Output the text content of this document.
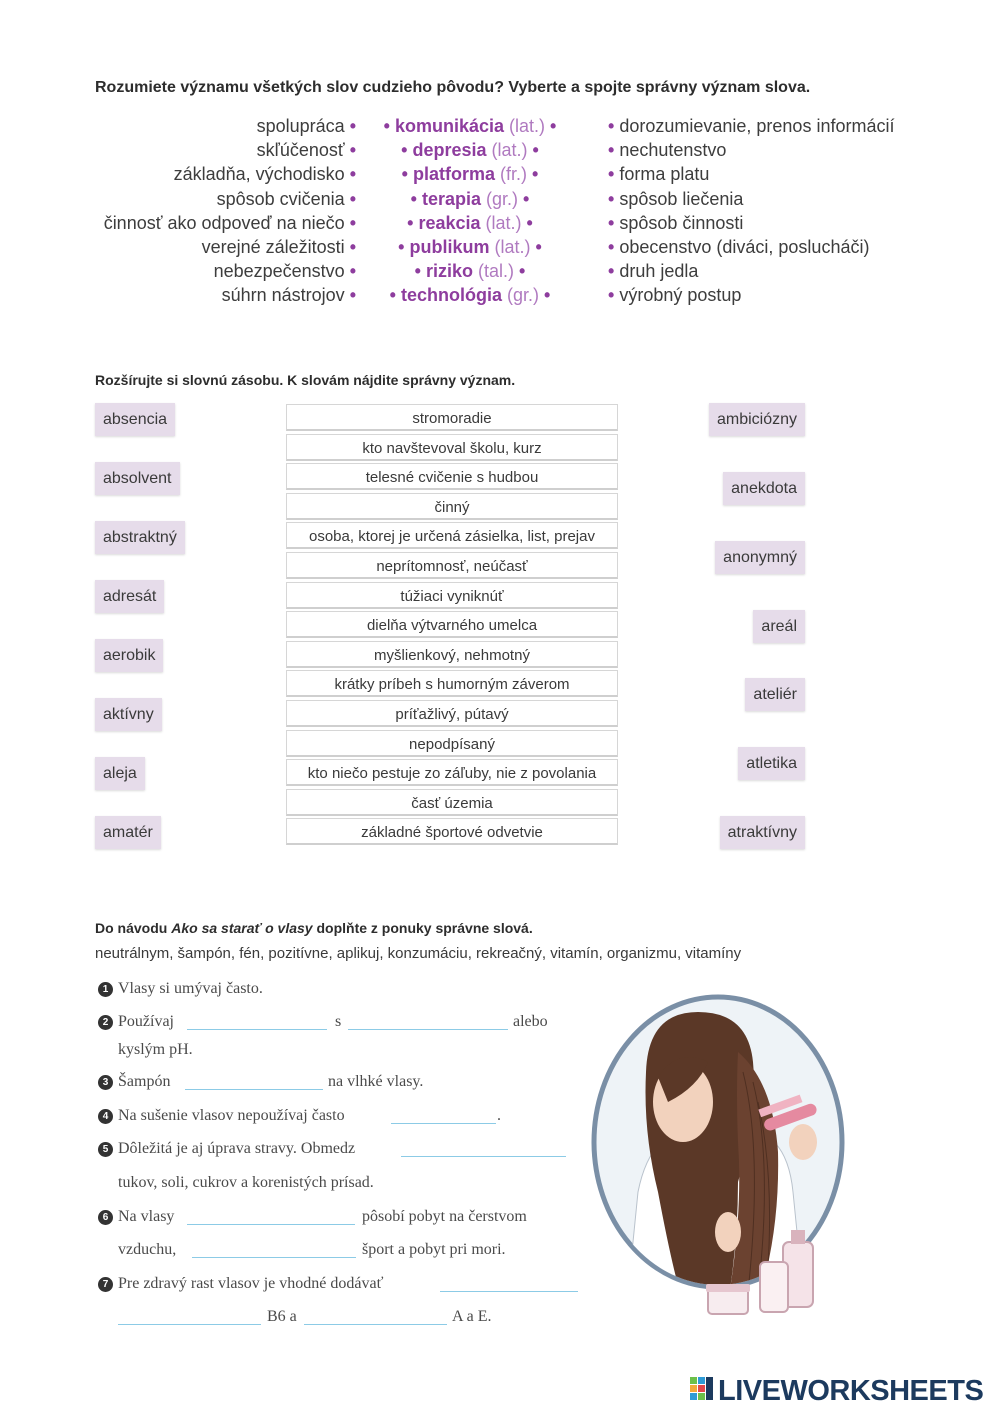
Rozumiete významu všetkých slov cudzieho pôvodu? Vyberte a spojte správny význam slova.
spolupráca • • komunikácia (lat.) •	• dorozumievanie, prenos informácií
skľúčenosť •	• depresia (lat.) •	• nechutenstvo
základňa, východisko •	• platforma (fr.) •	• forma platu
spôsob cvičenia •	• terapia (gr.) •	• spôsob liečenia
činnosť ako odpoveď na niečo •	• reakcia (lat.) •	• spôsob činnosti
verejné záležitosti • • publikum (lat.) •	• obecenstvo (diváci, poslucháči)
nebezpečenstvo •	• riziko (tal.) •	• druh jedla
súhrn nástrojov • • technológia (gr.) •	• výrobný postup
Rozšírujte si slovnú zásobu. K slovám nájdite správny význam.
absencia
absolvent
abstraktný
adresát
aerobik
aktívny
aleja
amatér
stromoradie
kto navštevoval školu, kurz
telesné cvičenie s hudbou
činný
osoba, ktorej je určená zásielka, list, prejav
neprítomnosť, neúčasť
túžiaci vyniknúť
dielňa výtvarného umelca
myšlienkový, nehmotný
krátky príbeh s humorným záverom
príťažlivý, pútavý
nepodpísaný
kto niečo pestuje zo záľuby, nie z povolania
časť územia
základné športové odvetvie
ambiciózny
anekdota
anonymný
areál
ateliér
atletika
atraktívny
Do návodu Ako sa starať o vlasy doplňte z ponuky správne slová.
neutrálnym, šampón, fén, pozitívne, aplikuj, konzumáciu, rekreačný, vitamín, organizmu, vitamíny
1 Vlasy si umývaj často.
2 Používaj	s	alebo
kyslým pH.
3 Šampón	na vlhké vlasy.
4 Na sušenie vlasov nepoužívaj často	.
5 Dôležitá je aj úprava stravy. Obmedz
tukov, soli, cukrov a korenistých prísad.
6 Na vlasy	pôsobí pobyt na čerstvom
vzduchu,	šport a pobyt pri mori.
7 Pre zdravý rast vlasov je vhodné dodávať
B6 a	A a E.
LIVEWORKSHEETS
